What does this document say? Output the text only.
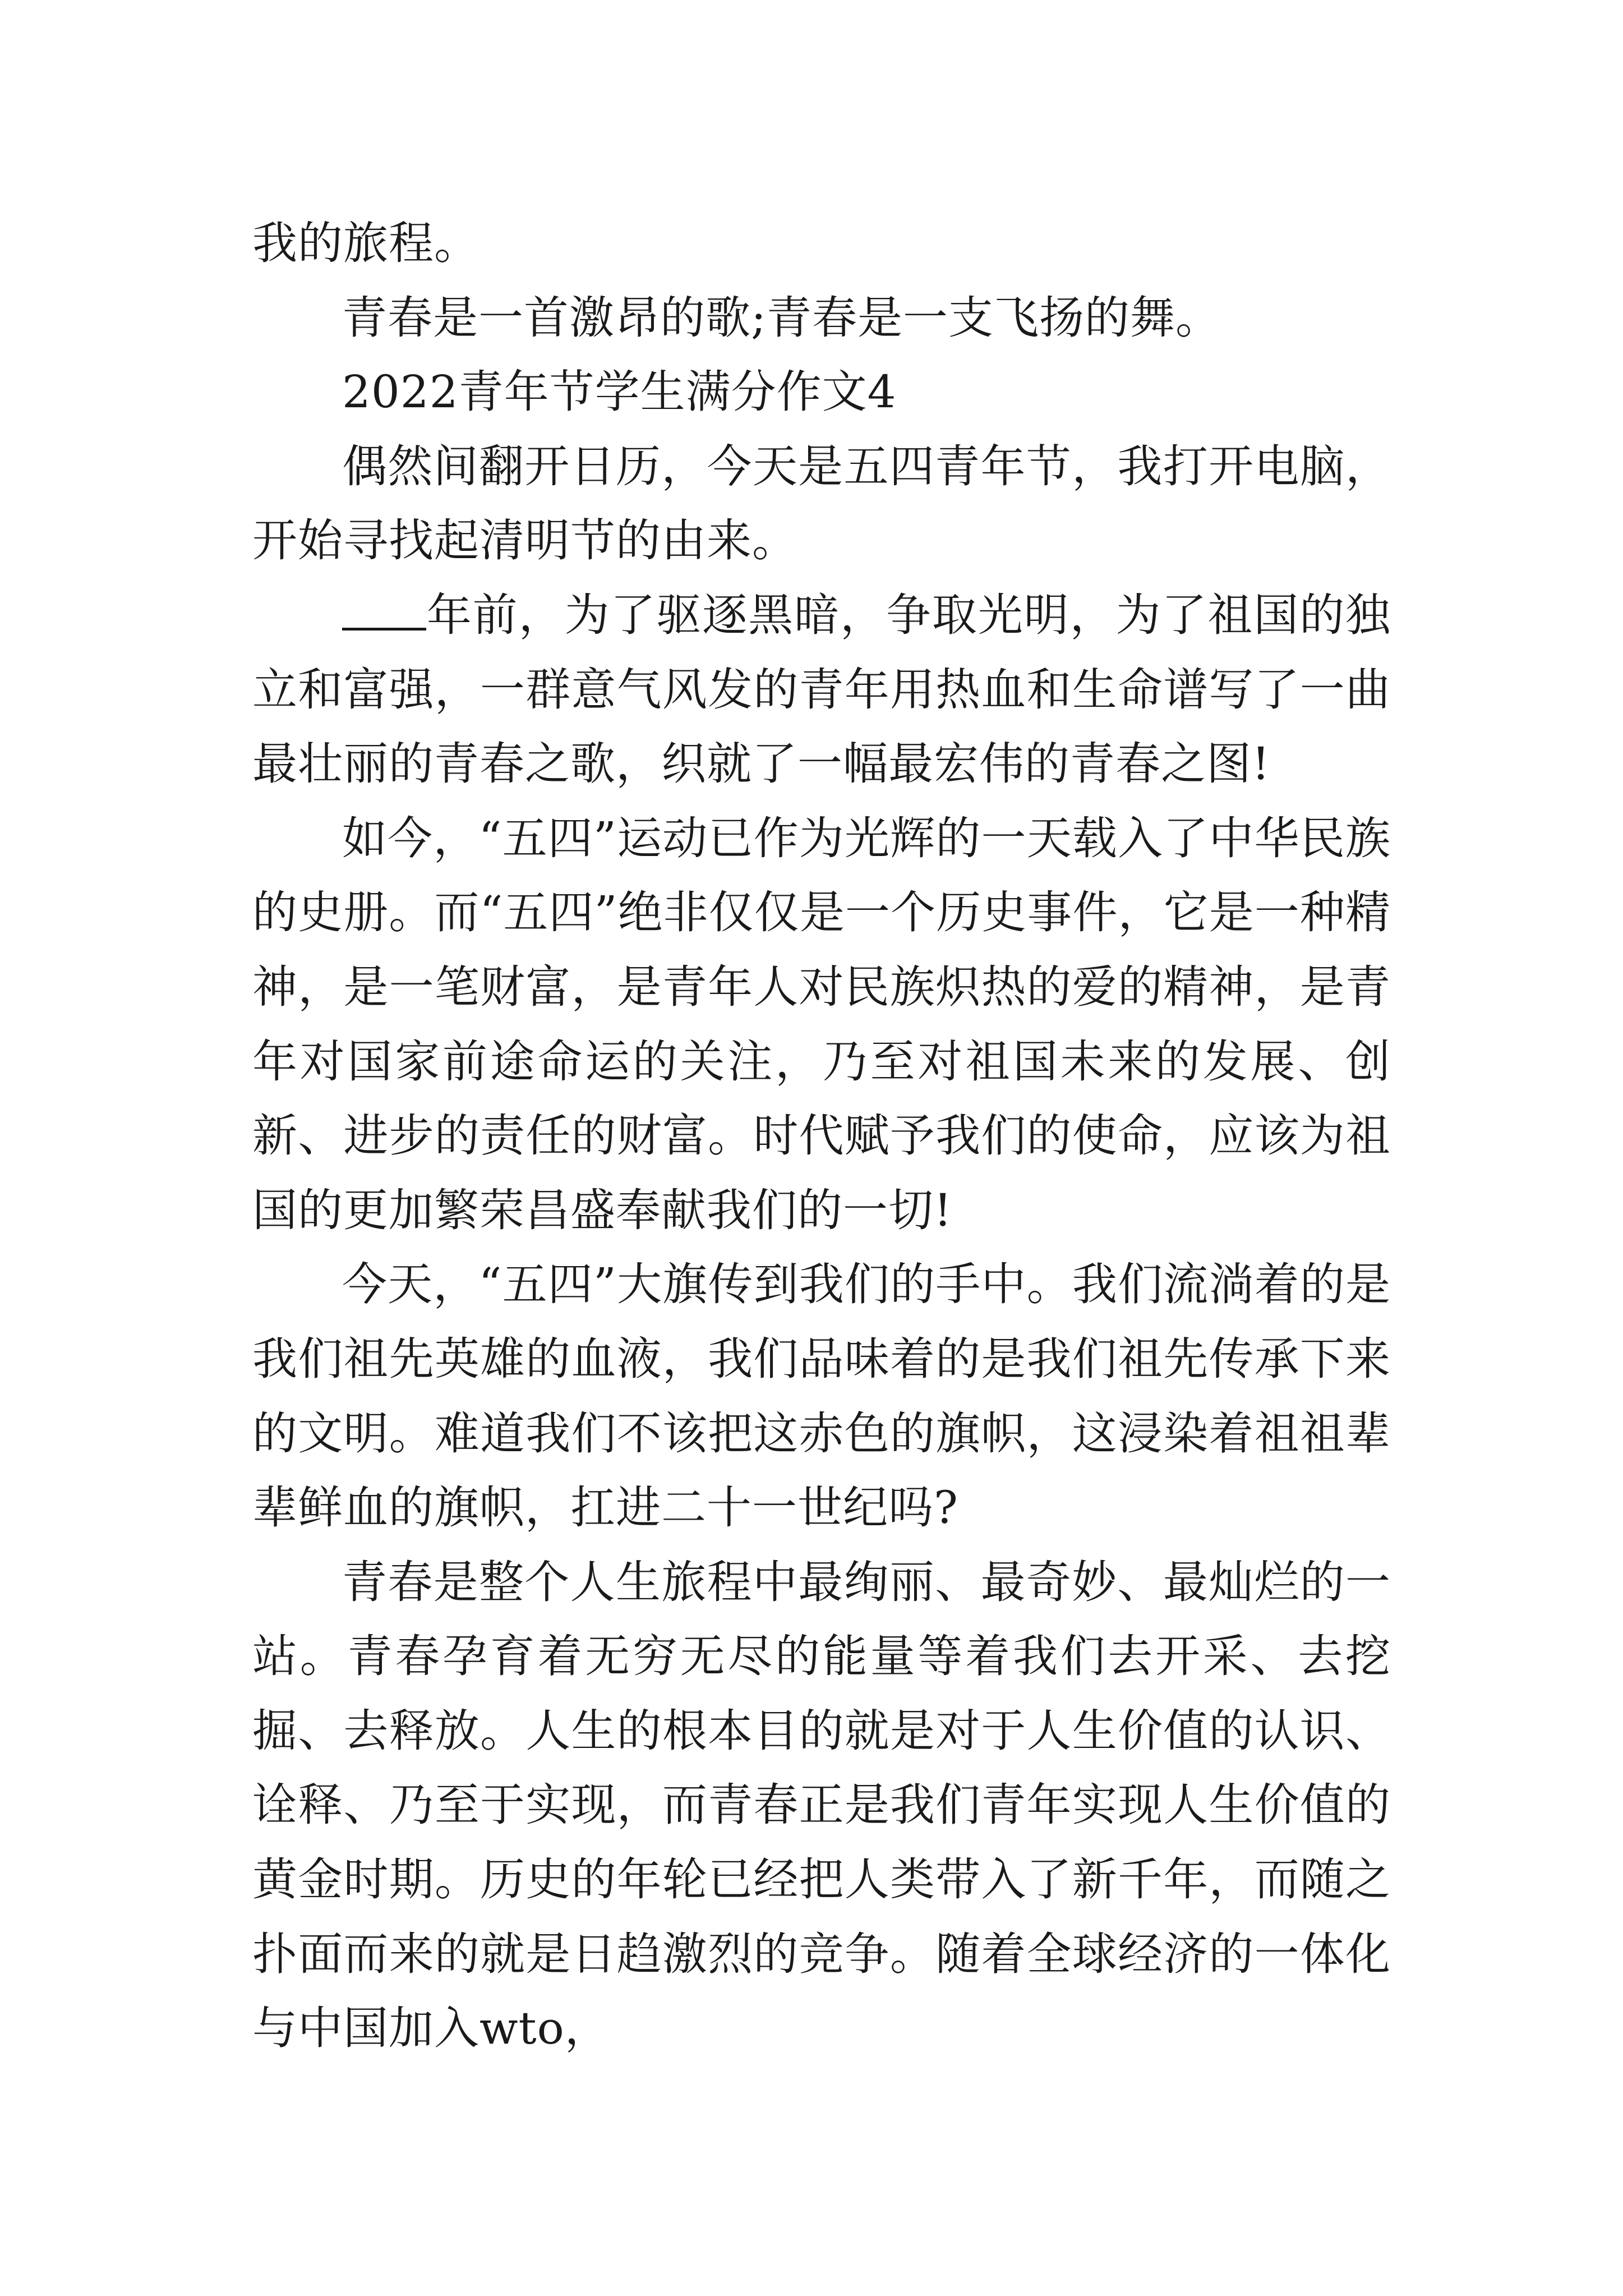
我的旅程。

青春是一首激昂的歌;青春是一支飞扬的舞。

2022青年节学生满分作文4

偶然间翻开日历，今天是五四青年节，我打开电脑，开始寻找起清明节的由来。

年前，为了驱逐黑暗，争取光明，为了祖国的独立和富强，一群意气风发的青年用热血和生命谱写了一曲最壮丽的青春之歌，织就了一幅最宏伟的青春之图!

如今，“五四”运动已作为光辉的一天载入了中华民族的史册。而“五四”绝非仅仅是一个历史事件，它是一种精神，是一笔财富，是青年人对民族炽热的爱的精神，是青年对国家前途命运的关注，乃至对祖国未来的发展、创新、进步的责任的财富。时代赋予我们的使命，应该为祖国的更加繁荣昌盛奉献我们的一切!

今天，“五四”大旗传到我们的手中。我们流淌着的是我们祖先英雄的血液，我们品味着的是我们祖先传承下来的文明。难道我们不该把这赤色的旗帜，这浸染着祖祖辈辈鲜血的旗帜，扛进二十一世纪吗?

青春是整个人生旅程中最绚丽、最奇妙、最灿烂的一站。青春孕育着无穷无尽的能量等着我们去开采、去挖掘、去释放。人生的根本目的就是对于人生价值的认识、诠释、乃至于实现，而青春正是我们青年实现人生价值的黄金时期。历史的年轮已经把人类带入了新千年，而随之扑面而来的就是日趋激烈的竞争。随着全球经济的一体化与中国加入wto，
